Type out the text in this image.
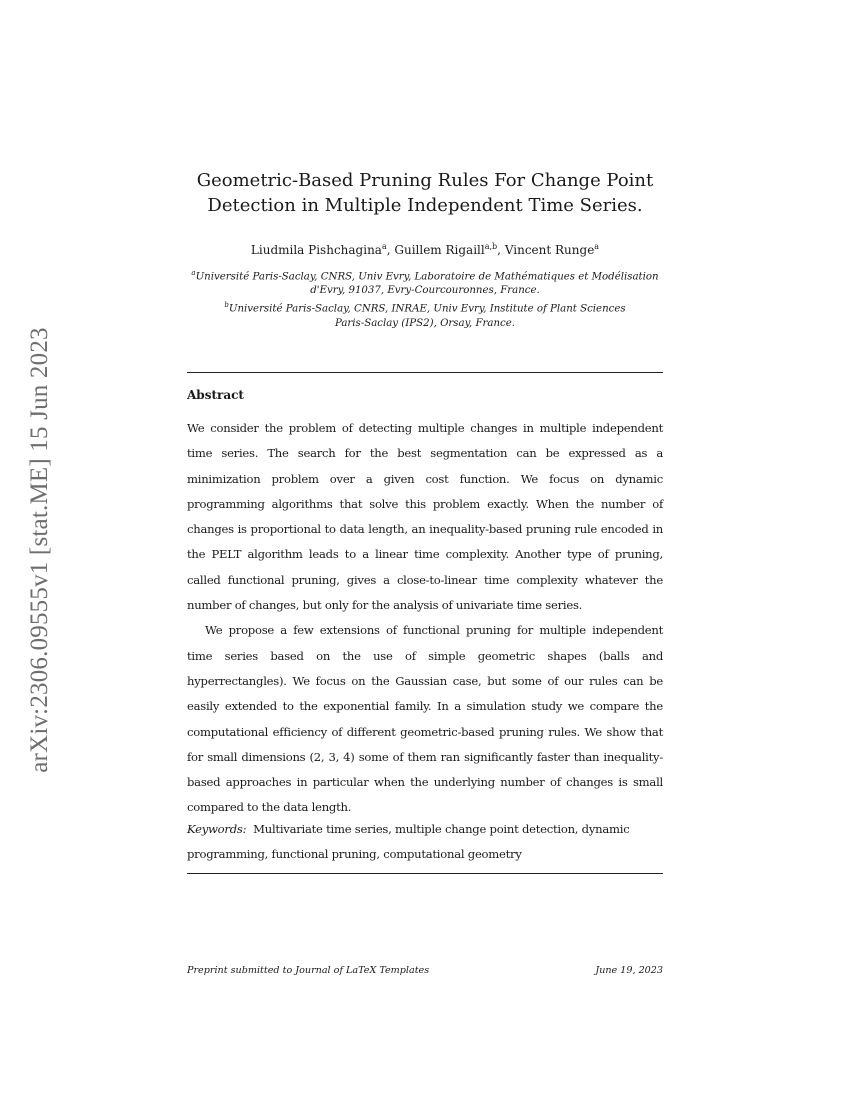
arXiv:2306.09555v1 [stat.ME] 15 Jun 2023
Geometric-Based Pruning Rules For Change Point
Detection in Multiple Independent Time Series.
Liudmila Pishchagina$^a$, Guillem Rigaill$^{a,b}$, Vincent Runge$^a$
$^a$Université Paris-Saclay, CNRS, Univ Evry, Laboratoire de Mathématiques et Modélisation
d'Evry, 91037, Evry-Courcouronnes, France.
$^b$Université Paris-Saclay, CNRS, INRAE, Univ Evry, Institute of Plant Sciences
Paris-Saclay (IPS2), Orsay, France.
Abstract

We consider the problem of detecting multiple changes in multiple independent time series. The search for the best segmentation can be expressed as a minimization problem over a given cost function. We focus on dynamic programming algorithms that solve this problem exactly. When the number of changes is proportional to data length, an inequality-based pruning rule encoded in the PELT algorithm leads to a linear time complexity. Another type of pruning, called functional pruning, gives a close-to-linear time complexity whatever the number of changes, but only for the analysis of univariate time series.

We propose a few extensions of functional pruning for multiple independent time series based on the use of simple geometric shapes (balls and hyperrectangles). We focus on the Gaussian case, but some of our rules can be easily extended to the exponential family. In a simulation study we compare the computational efficiency of different geometric-based pruning rules. We show that for small dimensions (2, 3, 4) some of them ran significantly faster than inequality-based approaches in particular when the underlying number of changes is small compared to the data length.

Keywords: Multivariate time series, multiple change point detection, dynamic programming, functional pruning, computational geometry
Preprint submitted to Journal of LaTeX Templates	June 19, 2023
